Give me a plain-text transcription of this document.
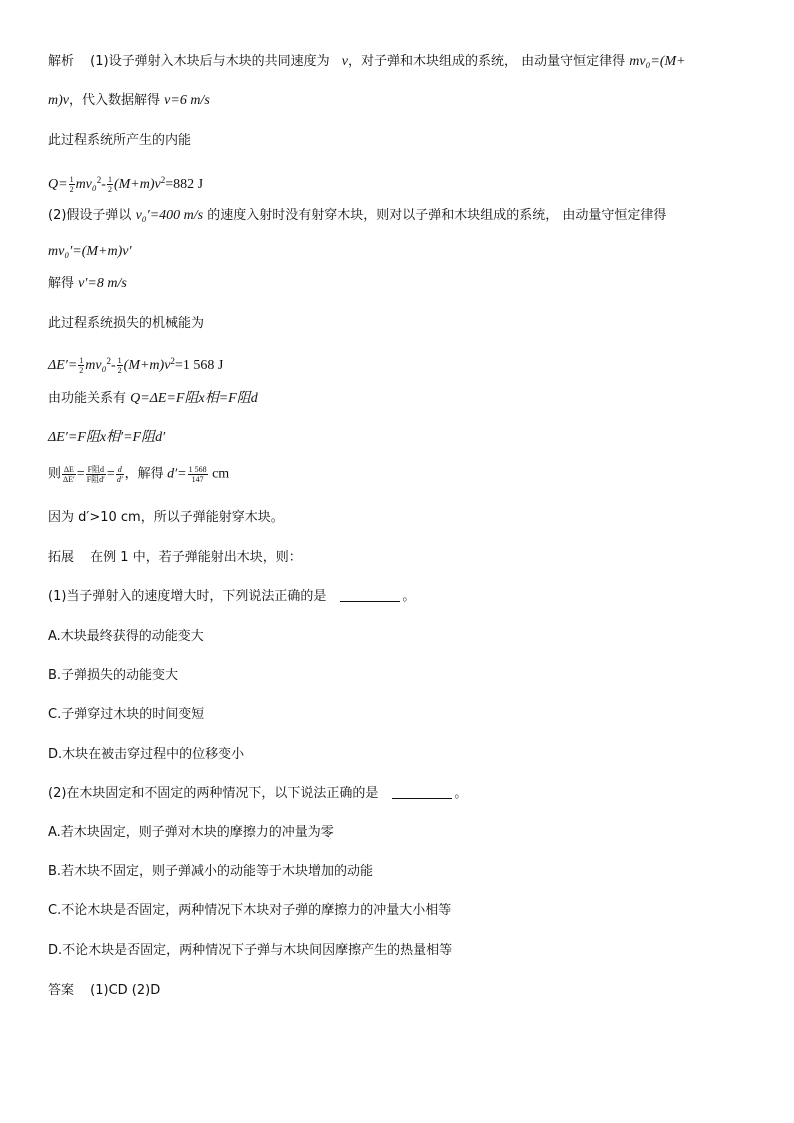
解析 (1)设子弹射入木块后与木块的共同速度为 v，对子弹和木块组成的系统， 由动量守恒定律得 mv₀=(M+
m)v，代入数据解得 v=6 m/s
此过程系统所产生的内能
$Q= \frac{1}{2} mv_0^2- \frac{1}{2} (M+m)v^2=882$ J
(2)假设子弹以 v₀′=400 m/s 的速度入射时没有射穿木块，则对以子弹和木块组成的系统， 由动量守恒定律得
mv₀′=(M+m)v′
解得 v′=8 m/s
此过程系统损失的机械能为
$\Delta E'= \frac{1}{2} mv_0^2- \frac{1}{2} (M+m)v^2=1$ 568 J
由功能关系有 Q=ΔE=F阻x相=F阻d
ΔE′=F阻x相′=F阻d′
则 $\frac{\Delta E}{\Delta E'} = \frac{\text{F阻d}}{\text{F阻d′}} = \frac{d}{d'}$ ，解得 $d'= \frac{1 568}{147}$ cm
因为 d′>10 cm，所以子弹能射穿木块。
拓展 在例 1 中，若子弹能射出木块，则：
(1)当子弹射入的速度增大时，下列说法正确的是	。
A.木块最终获得的动能变大
B.子弹损失的动能变大
C.子弹穿过木块的时间变短
D.木块在被击穿过程中的位移变小
(2)在木块固定和不固定的两种情况下，以下说法正确的是	。
A.若木块固定，则子弹对木块的摩擦力的冲量为零
B.若木块不固定，则子弹减小的动能等于木块增加的动能
C.不论木块是否固定，两种情况下木块对子弹的摩擦力的冲量大小相等
D.不论木块是否固定，两种情况下子弹与木块间因摩擦产生的热量相等
答案 (1)CD (2)D
